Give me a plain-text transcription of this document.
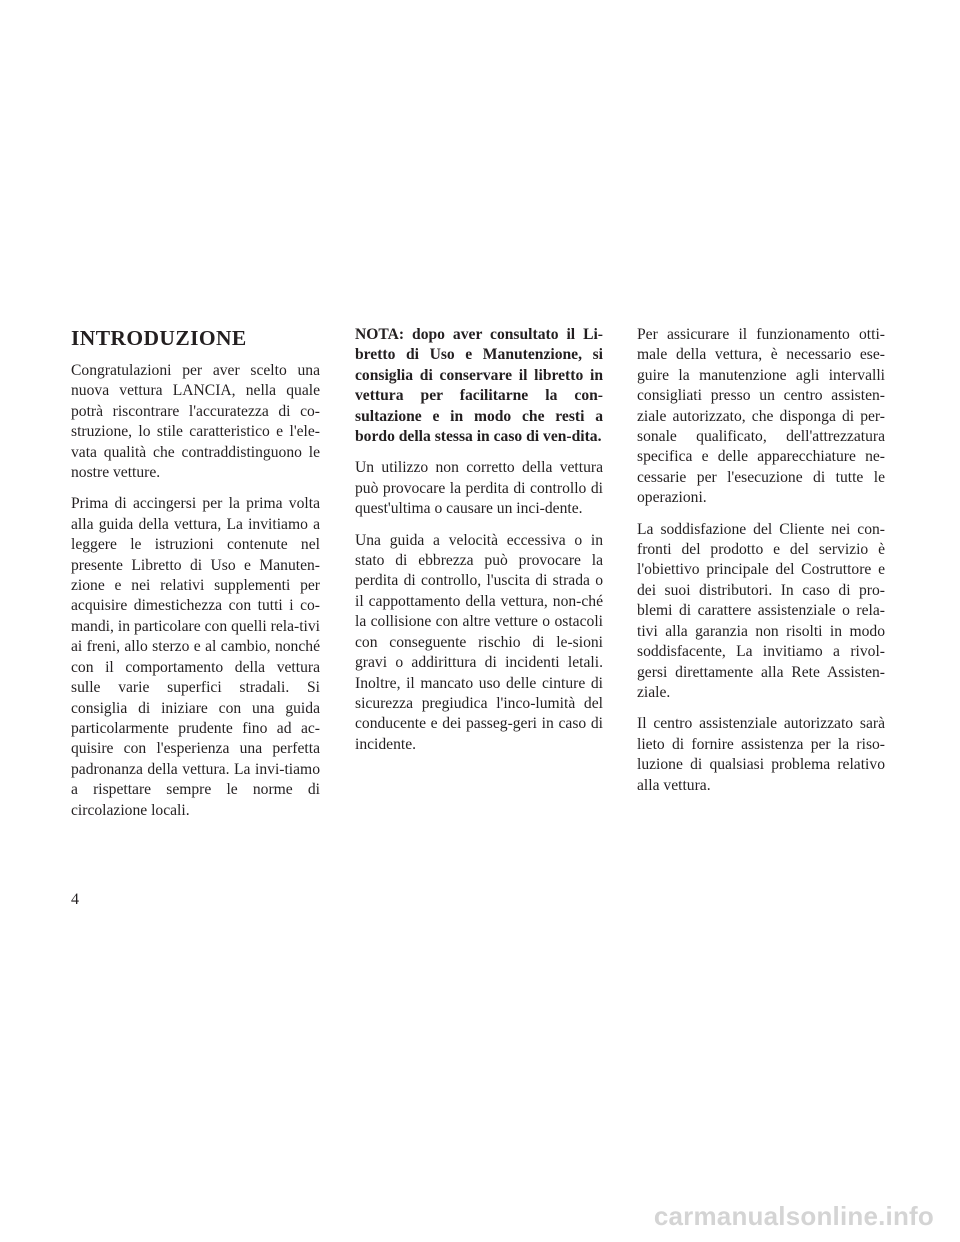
INTRODUZIONE

Congratulazioni per aver scelto una nuova vettura LANCIA, nella quale potrà riscontrare l'accuratezza di co-struzione, lo stile caratteristico e l'ele-vata qualità che contraddistinguono le nostre vetture.

Prima di accingersi per la prima volta alla guida della vettura, La invitiamo a leggere le istruzioni contenute nel presente Libretto di Uso e Manuten-zione e nei relativi supplementi per acquisire dimestichezza con tutti i co-mandi, in particolare con quelli rela-tivi ai freni, allo sterzo e al cambio, nonché con il comportamento della vettura sulle varie superfici stradali. Si consiglia di iniziare con una guida particolarmente prudente fino ad ac-quisire con l'esperienza una perfetta padronanza della vettura. La invi-tiamo a rispettare sempre le norme di circolazione locali.

NOTA: dopo aver consultato il Li-bretto di Uso e Manutenzione, si consiglia di conservare il libretto in vettura per facilitarne la con-sultazione e in modo che resti a bordo della stessa in caso di ven-dita.

Un utilizzo non corretto della vettura può provocare la perdita di controllo di quest'ultima o causare un inci-dente.

Una guida a velocità eccessiva o in stato di ebbrezza può provocare la perdita di controllo, l'uscita di strada o il cappottamento della vettura, non-ché la collisione con altre vetture o ostacoli con conseguente rischio di le-sioni gravi o addirittura di incidenti letali. Inoltre, il mancato uso delle cinture di sicurezza pregiudica l'inco-lumità del conducente e dei passeg-geri in caso di incidente.

Per assicurare il funzionamento otti-male della vettura, è necessario ese-guire la manutenzione agli intervalli consigliati presso un centro assisten-ziale autorizzato, che disponga di per-sonale qualificato, dell'attrezzatura specifica e delle apparecchiature ne-cessarie per l'esecuzione di tutte le operazioni.

La soddisfazione del Cliente nei con-fronti del prodotto e del servizio è l'obiettivo principale del Costruttore e dei suoi distributori. In caso di pro-blemi di carattere assistenziale o rela-tivi alla garanzia non risolti in modo soddisfacente, La invitiamo a rivol-gersi direttamente alla Rete Assisten-ziale.

Il centro assistenziale autorizzato sarà lieto di fornire assistenza per la riso-luzione di qualsiasi problema relativo alla vettura.

4
carmanualsonline.info
